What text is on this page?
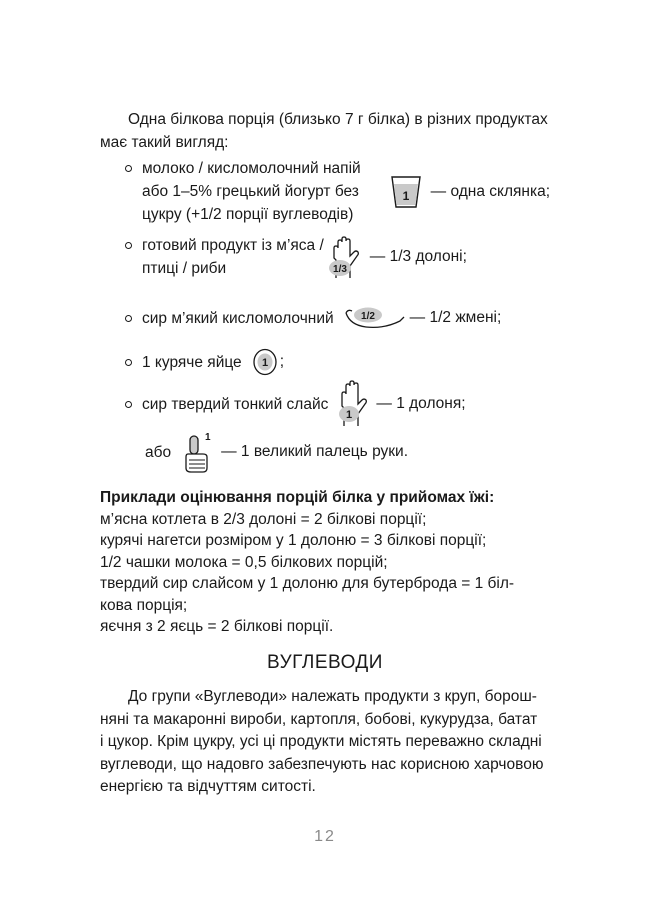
Одна білкова порція (близько 7 г білка) в різних продуктах
має такий вигляд:
молоко / кисломолочний напій
або 1–5% грецький йогурт без
цукру (+1/2 порції вуглеводів)
1 — одна склянка;
готовий продукт із м’яса /
птиці / риби	1/3
— 1/3 долоні;
сир м’який кисломолочний	1/2 — 1/2 жмені;
1 куряче яйце 1 ;
сир твердий тонкий слайс
1
— 1 долоня;
або
1
— 1 великий палець руки.
Приклади оцінювання порцій білка у прийомах їжі:
м’ясна котлета в 2/3 долоні = 2 білкові порції;
курячі нагетси розміром у 1 долоню = 3 білкові порції;
1/2 чашки молока = 0,5 білкових порцій;
твердий сир слайсом у 1 долоню для бутерброда = 1 біл-
кова порція;
яєчня з 2 яєць = 2 білкові порції.
ВУГЛЕВОДИ
До групи «Вуглеводи» належать продукти з круп, борош-
няні та макаронні вироби, картопля, бобові, кукурудза, батат
і цукор. Крім цукру, усі ці продукти містять переважно складні
вуглеводи, що надовго забезпечують нас корисною харчовою
енергією та відчуттям ситості.
12
